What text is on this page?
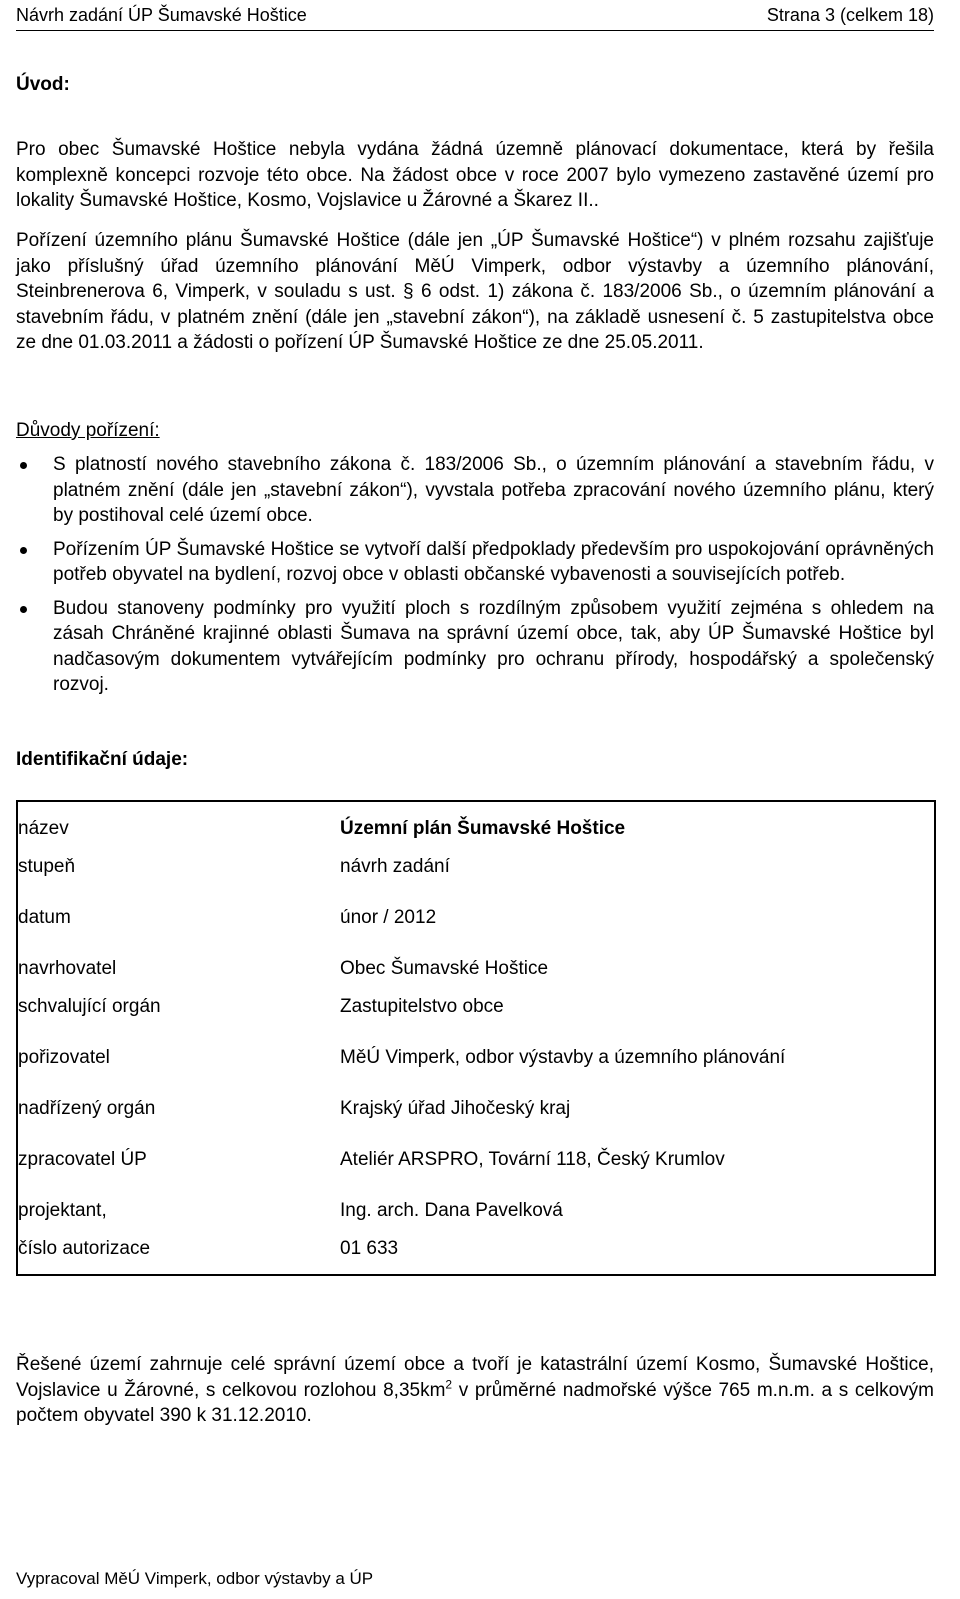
Návrh zadání ÚP Šumavské Hoštice	Strana 3 (celkem 18)
Úvod:
Pro obec Šumavské Hoštice nebyla vydána žádná územně plánovací dokumentace, která by řešila komplexně koncepci rozvoje této obce. Na žádost obce v roce 2007 bylo vymezeno zastavěné území pro lokality Šumavské Hoštice, Kosmo, Vojslavice u Žárovné a Škarez II..
Pořízení územního plánu Šumavské Hoštice (dále jen „ÚP Šumavské Hoštice“) v plném rozsahu zajišťuje jako příslušný úřad územního plánování MěÚ Vimperk, odbor výstavby a územního plánování, Steinbrenerova 6, Vimperk, v souladu s ust. § 6 odst. 1) zákona č. 183/2006 Sb., o územním plánování a stavebním řádu, v platném znění (dále jen „stavební zákon“), na základě usnesení č. 5 zastupitelstva obce ze dne 01.03.2011 a žádosti o pořízení ÚP Šumavské Hoštice ze dne 25.05.2011.
Důvody pořízení:
S platností nového stavebního zákona č. 183/2006 Sb., o územním plánování a stavebním řádu, v platném znění (dále jen „stavební zákon“), vyvstala potřeba zpracování nového územního plánu, který by postihoval celé území obce.
Pořízením ÚP Šumavské Hoštice se vytvoří další předpoklady především pro uspokojování oprávněných potřeb obyvatel na bydlení, rozvoj obce v oblasti občanské vybavenosti a souvisejících potřeb.
Budou stanoveny podmínky pro využití ploch s rozdílným způsobem využití zejména s ohledem na zásah Chráněné krajinné oblasti Šumava na správní území obce, tak, aby ÚP Šumavské Hoštice byl nadčasovým dokumentem vytvářejícím podmínky pro ochranu přírody, hospodářský a společenský rozvoj.
Identifikační údaje:

název	Územní plán Šumavské Hoštice

stupeň	návrh zadání

datum	únor / 2012

navrhovatel	Obec Šumavské Hoštice

schvalující orgán	Zastupitelstvo obce

pořizovatel	MěÚ Vimperk, odbor výstavby a územního plánování

nadřízený orgán	Krajský úřad Jihočeský kraj

zpracovatel ÚP	Ateliér ARSPRO, Tovární 118, Český Krumlov

projektant,	Ing. arch. Dana Pavelková

číslo autorizace	01 633

Řešené území zahrnuje celé správní území obce a tvoří je katastrální území Kosmo, Šumavské Hoštice, Vojslavice u Žárovné, s celkovou rozlohou $8,35km^2$ v průměrné nadmořské výšce 765 m.n.m. a s celkovým počtem obyvatel 390 k 31.12.2010.
Vypracoval MěÚ Vimperk, odbor výstavby a ÚP
